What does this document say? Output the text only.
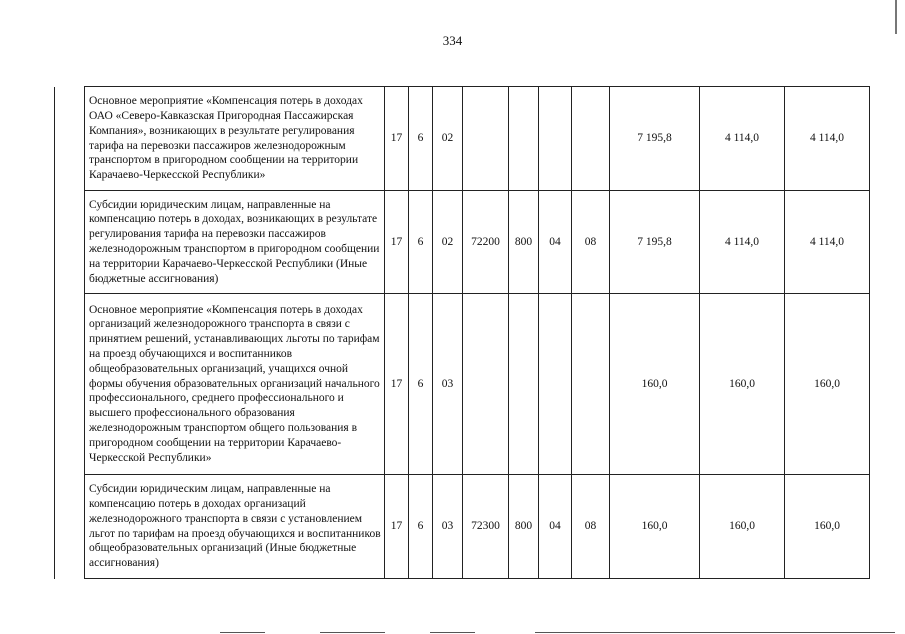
334
	Основное мероприятие «Компенсация потерь в доходах ОАО «Северо-Кавказская Пригородная Пассажирская Компания», возникающих в результате регулирования тарифа на перевозки пассажиров железнодорожным транспортом в пригородном сообщении на территории Карачаево-Черкесской Республики»	17	6	02					7 195,8	4 114,0	4 114,0
	Субсидии юридическим лицам, направленные на компенсацию потерь в доходах, возникающих в результате регулирования тарифа на перевозки пассажиров железнодорожным транспортом в пригородном сообщении на территории Карачаево-Черкесской Республики (Иные бюджетные ассигнования)	17	6	02	72200	800	04	08	7 195,8	4 114,0	4 114,0
	Основное мероприятие «Компенсация потерь в доходах организаций железнодорожного транспорта в связи с принятием решений, устанавливающих льготы по тарифам на проезд обучающихся и воспитанников общеобразовательных организаций, учащихся очной формы обучения образовательных организаций начального профессионального, среднего профессионального и высшего профессионального образования железнодорожным транспортом общего пользования в пригородном сообщении на территории Карачаево-Черкесской Республики»	17	6	03					160,0	160,0	160,0
	Субсидии юридическим лицам, направленные на компенсацию потерь в доходах организаций железнодорожного транспорта в связи с установлением льгот по тарифам на проезд обучающихся и воспитанников общеобразовательных организаций (Иные бюджетные ассигнования)	17	6	03	72300	800	04	08	160,0	160,0	160,0
